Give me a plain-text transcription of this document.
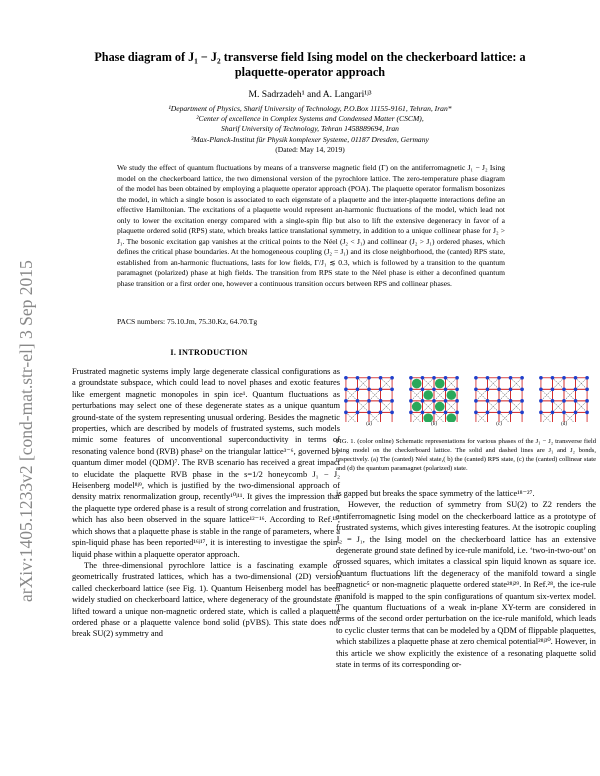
arXiv:1405.1233v2 [cond-mat.str-el] 3 Sep 2015
Phase diagram of J₁ − J₂ transverse field Ising model on the checkerboard lattice: a plaquette-operator approach
M. Sadrzadeh¹ and A. Langari¹ʲ³
¹Department of Physics, Sharif University of Technology, P.O.Box 11155-9161, Tehran, Iran*
²Center of excellence in Complex Systems and Condensed Matter (CSCM),
Sharif University of Technology, Tehran 1458889694, Iran
³Max-Planck-Institut für Physik komplexer Systeme, 01187 Dresden, Germany
(Dated: May 14, 2019)
We study the effect of quantum fluctuations by means of a transverse magnetic field (Γ) on the antiferromagnetic J₁ − J₂ Ising model on the checkerboard lattice, the two dimensional version of the pyrochlore lattice. The zero-temperature phase diagram of the model has been obtained by employing a plaquette operator approach (POA). The plaquette operator formalism bosonizes the model, in which a single boson is associated to each eigenstate of a plaquette and the inter-plaquette interactions define an effective Hamiltonian. The excitations of a plaquette would represent an-harmonic fluctuations of the model, which lead not only to lower the excitation energy compared with a single-spin flip but also to lift the extensive degeneracy in favor of a plaquette ordered solid (RPS) state, which breaks lattice translational symmetry, in addition to a unique collinear phase for J₂ > J₁. The bosonic excitation gap vanishes at the critical points to the Néel (J₂ < J₁) and collinear (J₂ > J₁) ordered phases, which defines the critical phase boundaries. At the homogeneous coupling (J₂ = J₁) and its close neighborhood, the (canted) RPS state, established from an-harmonic fluctuations, lasts for low fields, Γ/J₁ ≲ 0.3, which is followed by a transition to the quantum paramagnet (polarized) phase at high fields. The transition from RPS state to the Néel phase is either a deconfined quantum phase transition or a first order one, however a continuous transition occurs between RPS and collinear phases.
PACS numbers: 75.10.Jm, 75.30.Kz, 64.70.Tg
I. INTRODUCTION

Frustrated magnetic systems imply large degenerate classical configurations as a groundstate subspace, which could lead to novel phases and exotic features like emergent magnetic monopoles in spin ice¹. Quantum fluctuations as perturbations may select one of these degenerate states as a unique quantum ground-state of the system representing unusual ordering. Besides the magnetic properties, which are described by models of frustrated systems, such models mimic some features of unconventional superconductivity in terms of resonating valence bond (RVB) phase² on the triangular lattice³⁻⁶, governed by quantum dimer model (QDM)⁷. The RVB scenario has received a great impact to elucidate the plaquette RVB phase in the s=1/2 honeycomb J₁ − J₂ Heisenberg model⁸ʲ⁹, which is justified by the two-dimensional approach of density matrix renormalization group, recently¹⁰ʲ¹¹. It gives the impression that the plaquette type ordered phase is a result of strong correlation and frustration, which has also been observed in the square lattice¹²⁻¹⁶. According to Ref.¹⁵, which shows that a plaquette phase is stable in the range of parameters, where a spin-liquid phase has been reported¹⁶ʲ¹⁷, it is interesting to investigae the spin-liquid phase within a plaquette operator approach.

The three-dimensional pyrochlore lattice is a fascinating example of geometrically frustrated lattices, which has a two-dimensional (2D) version called checkerboard lattice (see Fig. 1). Quantum Heisenberg model has been widely studied on checkerboard lattice, where degeneracy of the groundstate is lifted toward a unique non-magnetic ordered state, which is called a plaquette ordered phase or a plaquette valence bond solid (pVBS). This state does not break SU(2) symmetry and

(a)	(b)	(c)	(d)
FIG. 1. (color online) Schematic representations for various phases of the J₁ − J₂ transverse field Ising model on the checkerboard lattice. The solid and dashed lines are J₁ and J₂ bonds, respectively. (a) The (canted) Néel state,( b) the (canted) RPS state, (c) the (canted) collinear state and (d) the quantum paramagnet (polarized) state.

is gapped but breaks the space symmetry of the lattice¹⁸⁻²⁷.

However, the reduction of symmetry from SU(2) to Z2 renders the antiferromagnetic Ising model on the checkerboard lattice as a prototype of frustrated systems, which gives interesting features. At the isotropic coupling J₂ = J₁, the Ising model on the checkerboard lattice has an extensive degenerate ground state defined by ice-rule manifold, i.e. ‘two-in-two-out’ on crossed squares, which imitates a classical spin liquid known as square ice. Quantum fluctuations lift the degeneracy of the manifold toward a single magnetic⁵ or non-magnetic plaquette ordered state²⁸ʲ²⁹. In Ref.²⁸, the ice-rule manifold is mapped to the spin configurations of quantum six-vertex model. The quantum fluctuations of a weak in-plane XY-term are considered in terms of the second order perturbation on the ice-rule manifold, which leads to cyclic cluster terms that can be modeled by a QDM of flippable plaquettes, which stabilizes a plaquette phase at zero chemical potential²⁸ʲ³⁰. However, in this article we show explicitly the existence of a resonating plaquette solid state in terms of its corresponding or-
